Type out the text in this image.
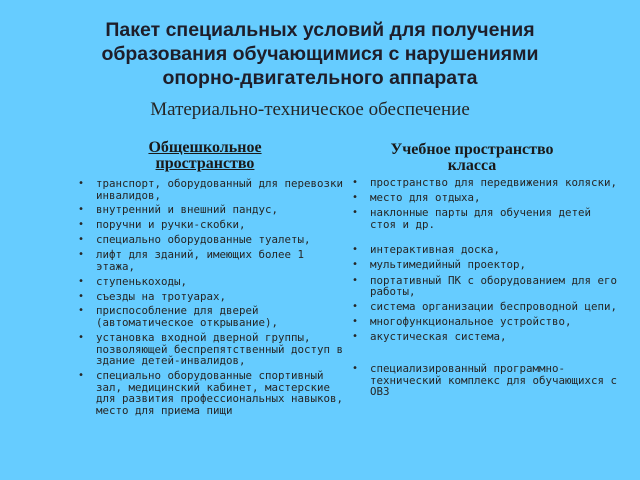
Пакет специальных условий для получения
образования обучающимися с нарушениями
опорно-двигательного аппарата
Материально-техническое обеспечение
Общешкольное
пространство
Учебное пространство
класса
•	транспорт, оборудованный для перевозки инвалидов,
•	внутренний и внешний пандус,
•	поручни и ручки-скобки,
•	специально оборудованные туалеты,
•	лифт для зданий, имеющих более 1 этажа,
•	ступенькоходы,
•	съезды на тротуарах,
•	приспособление для дверей (автоматическое открывание),
•	установка входной дверной группы, позволяющей беспрепятственный доступ в здание детей-инвалидов,
•	специально оборудованные спортивный зал, медицинский кабинет, мастерские для развития профессиональных навыков, место для приема пищи
•	пространство для передвижения коляски,
•	место для отдыха,
•	наклонные парты для обучения детей стоя и др.
•	интерактивная доска,
•	мультимедийный проектор,
•	портативный ПК с оборудованием для его работы,
•	система организации беспроводной цепи,
•	многофункциональное устройство,
•	акустическая система,
•	специализированный программно-технический комплекс для обучающихся с ОВЗ
